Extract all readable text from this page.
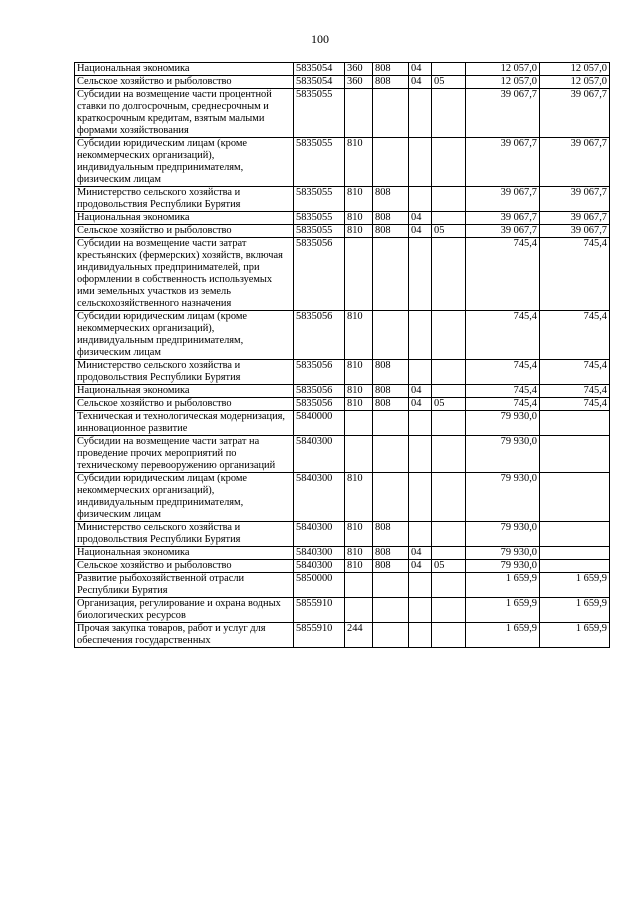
100
Национальная экономика	5835054	360	808	04		12 057,0	12 057,0
Сельское хозяйство и рыболовство	5835054	360	808	04	05	12 057,0	12 057,0
Субсидии на возмещение части процентной ставки по долгосрочным, среднесрочным и краткосрочным кредитам, взятым малыми формами хозяйствования	5835055					39 067,7	39 067,7
Субсидии юридическим лицам (кроме некоммерческих организаций), индивидуальным предпринимателям, физическим лицам	5835055	810				39 067,7	39 067,7
Министерство сельского хозяйства и продовольствия Республики Бурятия	5835055	810	808			39 067,7	39 067,7
Национальная экономика	5835055	810	808	04		39 067,7	39 067,7
Сельское хозяйство и рыболовство	5835055	810	808	04	05	39 067,7	39 067,7
Субсидии на возмещение части затрат крестьянских (фермерских) хозяйств, включая индивидуальных предпринимателей, при оформлении в собственность используемых ими земельных участков из земель сельскохозяйственного назначения	5835056					745,4	745,4
Субсидии юридическим лицам (кроме некоммерческих организаций), индивидуальным предпринимателям, физическим лицам	5835056	810				745,4	745,4
Министерство сельского хозяйства и продовольствия Республики Бурятия	5835056	810	808			745,4	745,4
Национальная экономика	5835056	810	808	04		745,4	745,4
Сельское хозяйство и рыболовство	5835056	810	808	04	05	745,4	745,4
Техническая и технологическая модернизация, инновационное развитие	5840000					79 930,0	
Субсидии на возмещение части затрат на проведение прочих мероприятий по техническому перевооружению организаций	5840300					79 930,0	
Субсидии юридическим лицам (кроме некоммерческих организаций), индивидуальным предпринимателям, физическим лицам	5840300	810				79 930,0	
Министерство сельского хозяйства и продовольствия Республики Бурятия	5840300	810	808			79 930,0	
Национальная экономика	5840300	810	808	04		79 930,0	
Сельское хозяйство и рыболовство	5840300	810	808	04	05	79 930,0	
Развитие рыбохозяйственной отрасли Республики Бурятия	5850000					1 659,9	1 659,9
Организация, регулирование и охрана водных биологических ресурсов	5855910					1 659,9	1 659,9
Прочая закупка товаров, работ и услуг для обеспечения государственных	5855910	244				1 659,9	1 659,9
